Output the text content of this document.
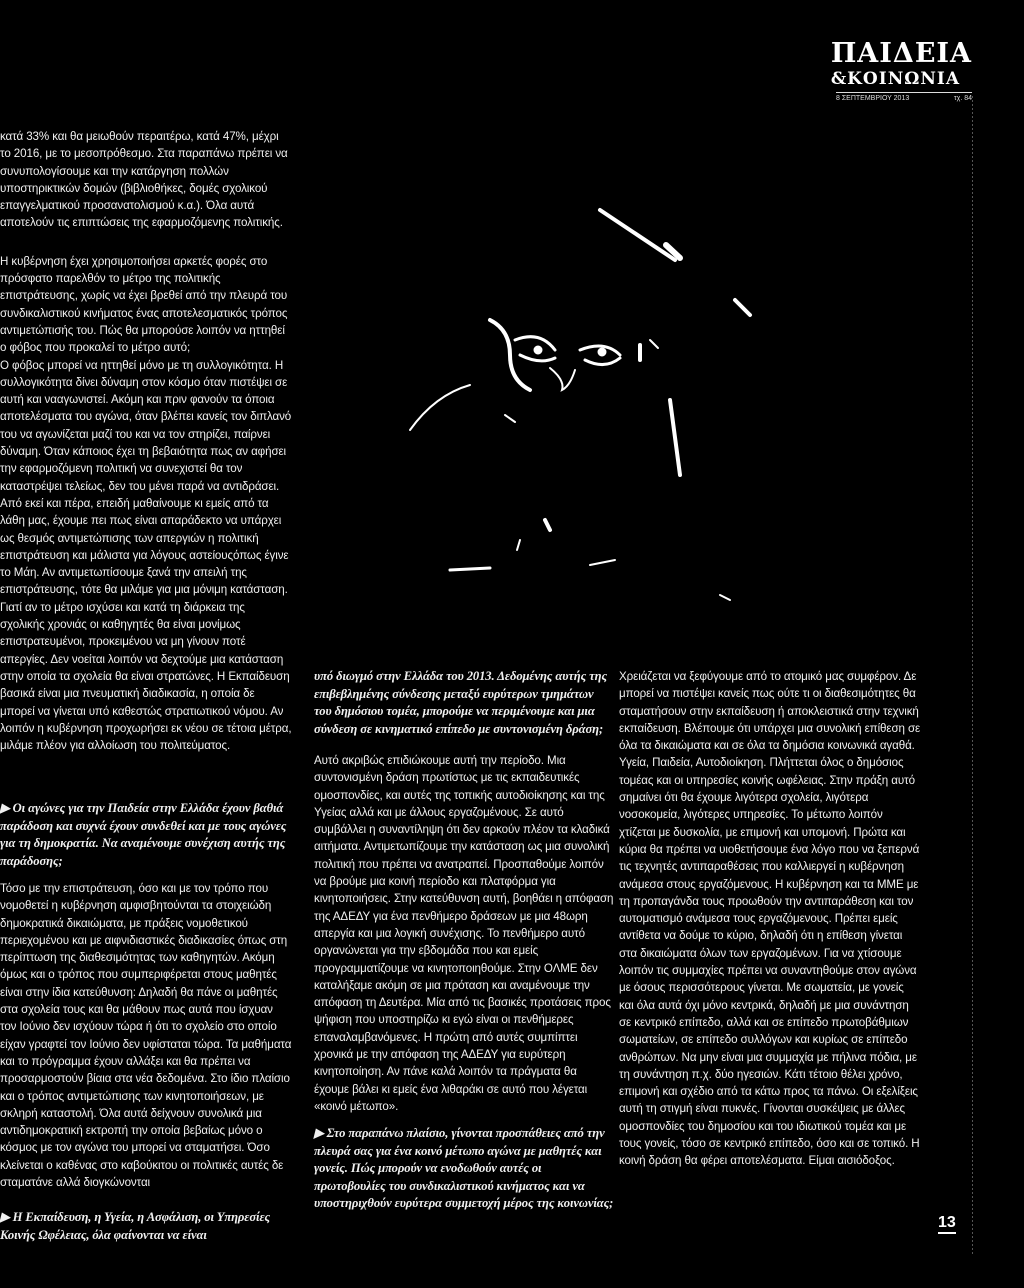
ΠΑΙΔΕΙΑ
&ΚΟΙΝΩΝΙΑ
8 ΣΕΠΤΕΜΒΡΙΟΥ 2013	τχ. 84

κατά 33% και θα μειωθούν περαιτέρω, κατά 47%, μέχρι το 2016, με το μεσοπρόθεσμο. Στα παραπάνω πρέπει να συνυπολογίσουμε και την κατάργηση πολλών υποστηρικτικών δομών (βιβλιοθήκες, δομές σχολικού επαγγελματικού προσανατολισμού κ.α.). Όλα αυτά αποτελούν τις επιπτώσεις της εφαρμοζόμενης πολιτικής.

Η κυβέρνηση έχει χρησιμοποιήσει αρκετές φορές στο πρόσφατο παρελθόν το μέτρο της πολιτικής επιστράτευσης, χωρίς να έχει βρεθεί από την πλευρά του συνδικαλιστικού κινήματος ένας αποτελεσματικός τρόπος αντιμετώπισής του. Πώς θα μπορούσε λοιπόν να ηττηθεί ο φόβος που προκαλεί το μέτρο αυτό;

Ο φόβος μπορεί να ηττηθεί μόνο με τη συλλογικότητα. Η συλλογικότητα δίνει δύναμη στον κόσμο όταν πιστέψει σε αυτή και νααγωνιστεί. Ακόμη και πριν φανούν τα όποια αποτελέσματα του αγώνα, όταν βλέπει κανείς τον διπλανό του να αγωνίζεται μαζί του και να τον στηρίζει, παίρνει δύναμη. Όταν κάποιος έχει τη βεβαιότητα πως αν αφήσει την εφαρμοζόμενη πολιτική να συνεχιστεί θα τον καταστρέψει τελείως, δεν του μένει παρά να αντιδράσει. Από εκεί και πέρα, επειδή μαθαίνουμε κι εμείς από τα λάθη μας, έχουμε πει πως είναι απαράδεκτο να υπάρχει ως θεσμός αντιμετώπισης των απεργιών η πολιτική επιστράτευση και μάλιστα για λόγους αστείουςόπως έγινε το Μάη. Αν αντιμετωπίσουμε ξανά την απειλή της επιστράτευσης, τότε θα μιλάμε για μια μόνιμη κατάσταση. Γιατί αν το μέτρο ισχύσει και κατά τη διάρκεια της σχολικής χρονιάς οι καθηγητές θα είναι μονίμως επιστρατευμένοι, προκειμένου να μη γίνουν ποτέ απεργίες. Δεν νοείται λοιπόν να δεχτούμε μια κατάσταση στην οποία τα σχολεία θα είναι στρατώνες. Η Εκπαίδευση βασικά είναι μια πνευματική διαδικασία, η οποία δε μπορεί να γίνεται υπό καθεστώς στρατιωτικού νόμου. Αν λοιπόν η κυβέρνηση προχωρήσει εκ νέου σε τέτοια μέτρα, μιλάμε πλέον για αλλοίωση του πολιτεύματος.

▶ Οι αγώνες για την Παιδεία στην Ελλάδα έχουν βαθιά παράδοση και συχνά έχουν συνδεθεί και με τους αγώνες για τη δημοκρατία. Να αναμένουμε συνέχιση αυτής της παράδοσης;

Τόσο με την επιστράτευση, όσο και με τον τρόπο που νομοθετεί η κυβέρνηση αμφισβητούνται τα στοιχειώδη δημοκρατικά δικαιώματα, με πράξεις νομοθετικού περιεχομένου και με αιφνιδιαστικές διαδικασίες όπως στη περίπτωση της διαθεσιμότητας των καθηγητών. Ακόμη όμως και ο τρόπος που συμπεριφέρεται στους μαθητές είναι στην ίδια κατεύθυνση: Δηλαδή θα πάνε οι μαθητές στα σχολεία τους και θα μάθουν πως αυτά που ίσχυαν τον Ιούνιο δεν ισχύουν τώρα ή ότι το σχολείο στο οποίο είχαν γραφτεί τον Ιούνιο δεν υφίσταται τώρα. Τα μαθήματα και το πρόγραμμα έχουν αλλάξει και θα πρέπει να προσαρμοστούν βίαια στα νέα δεδομένα. Στο ίδιο πλαίσιο και ο τρόπος αντιμετώπισης των κινητοποιήσεων, με σκληρή καταστολή. Όλα αυτά δείχνουν συνολικά μια αντιδημοκρατική εκτροπή την οποία βεβαίως μόνο ο κόσμος με τον αγώνα του μπορεί να σταματήσει. Όσο κλείνεται ο καθένας στο καβούκιτου οι πολιτικές αυτές δε σταματάνε αλλά διογκώνονται

▶ Η Εκπαίδευση, η Υγεία, η Ασφάλιση, οι Υπηρεσίες Κοινής Ωφέλειας, όλα φαίνονται να είναι

υπό διωγμό στην Ελλάδα του 2013. Δεδομένης αυτής της επιβεβλημένης σύνδεσης μεταξύ ευρύτερων τμημάτων του δημόσιου τομέα, μπορούμε να περιμένουμε και μια σύνδεση σε κινηματικό επίπεδο με συντονισμένη δράση;

Αυτό ακριβώς επιδιώκουμε αυτή την περίοδο. Μια συντονισμένη δράση πρωτίστως με τις εκπαιδευτικές ομοσπονδίες, και αυτές της τοπικής αυτοδιοίκησης και της Υγείας αλλά και με άλλους εργαζομένους. Σε αυτό συμβάλλει η συναντίληψη ότι δεν αρκούν πλέον τα κλαδικά αιτήματα. Αντιμετωπίζουμε την κατάσταση ως μια συνολική πολιτική που πρέπει να ανατραπεί. Προσπαθούμε λοιπόν να βρούμε μια κοινή περίοδο και πλατφόρμα για κινητοποιήσεις. Στην κατεύθυνση αυτή, βοηθάει η απόφαση της ΑΔΕΔΥ για ένα πενθήμερο δράσεων με μια 48ωρη απεργία και μια λογική συνέχισης. Το πενθήμερο αυτό οργανώνεται για την εβδομάδα που και εμείς προγραμματίζουμε να κινητοποιηθούμε. Στην ΟΛΜΕ δεν καταλήξαμε ακόμη σε μια πρόταση και αναμένουμε την απόφαση τη Δευτέρα. Μία από τις βασικές προτάσεις προς ψήφιση που υποστηρίζω κι εγώ είναι οι πενθήμερες επαναλαμβανόμενες. Η πρώτη από αυτές συμπίπτει χρονικά με την απόφαση της ΑΔΕΔΥ για ευρύτερη κινητοποίηση. Αν πάνε καλά λοιπόν τα πράγματα θα έχουμε βάλει κι εμείς ένα λιθαράκι σε αυτό που λέγεται «κοινό μέτωπο».

▶ Στο παραπάνω πλαίσιο, γίνονται προσπάθειες από την πλευρά σας για ένα κοινό μέτωπο αγώνα με μαθητές και γονείς. Πώς μπορούν να ενοδωθούν αυτές οι πρωτοβουλίες του συνδικαλιστικού κινήματος και να υποστηριχθούν ευρύτερα συμμετοχή μέρος της κοινωνίας;

Χρειάζεται να ξεφύγουμε από το ατομικό μας συμφέρον. Δε μπορεί να πιστέψει κανείς πως ούτε τι οι διαθεσιμότητες θα σταματήσουν στην εκπαίδευση ή αποκλειστικά στην τεχνική εκπαίδευση. Βλέπουμε ότι υπάρχει μια συνολική επίθεση σε όλα τα δικαιώματα και σε όλα τα δημόσια κοινωνικά αγαθά. Υγεία, Παιδεία, Αυτοδιοίκηση. Πλήττεται όλος ο δημόσιος τομέας και οι υπηρεσίες κοινής ωφέλειας. Στην πράξη αυτό σημαίνει ότι θα έχουμε λιγότερα σχολεία, λιγότερα νοσοκομεία, λιγότερες υπηρεσίες. Το μέτωπο λοιπόν χτίζεται με δυσκολία, με επιμονή και υπομονή. Πρώτα και κύρια θα πρέπει να υιοθετήσουμε ένα λόγο που να ξεπερνά τις τεχνητές αντιπαραθέσεις που καλλιεργεί η κυβέρνηση ανάμεσα στους εργαζόμενους. Η κυβέρνηση και τα ΜΜΕ με τη προπαγάνδα τους προωθούν την αντιπαράθεση και τον αυτοματισμό ανάμεσα τους εργαζόμενους. Πρέπει εμείς αντίθετα να δούμε το κύριο, δηλαδή ότι η επίθεση γίνεται στα δικαιώματα όλων των εργαζομένων. Για να χτίσουμε λοιπόν τις συμμαχίες πρέπει να συναντηθούμε στον αγώνα με όσους περισσότερους γίνεται. Με σωματεία, με γονείς και όλα αυτά όχι μόνο κεντρικά, δηλαδή με μια συνάντηση σε κεντρικό επίπεδο, αλλά και σε επίπεδο πρωτοβάθμιων σωματείων, σε επίπεδο συλλόγων και κυρίως σε επίπεδο ανθρώπων. Να μην είναι μια συμμαχία με πήλινα πόδια, με τη συνάντηση π.χ. δύο ηγεσιών. Κάτι τέτοιο θέλει χρόνο, επιμονή και σχέδιο από τα κάτω προς τα πάνω. Οι εξελίξεις αυτή τη στιγμή είναι πυκνές. Γίνονται συσκέψεις με άλλες ομοσπονδίες του δημοσίου και του ιδιωτικού τομέα και με τους γονείς, τόσο σε κεντρικό επίπεδο, όσο και σε τοπικό. Η κοινή δράση θα φέρει αποτελέσματα. Είμαι αισιόδοξος.

13
